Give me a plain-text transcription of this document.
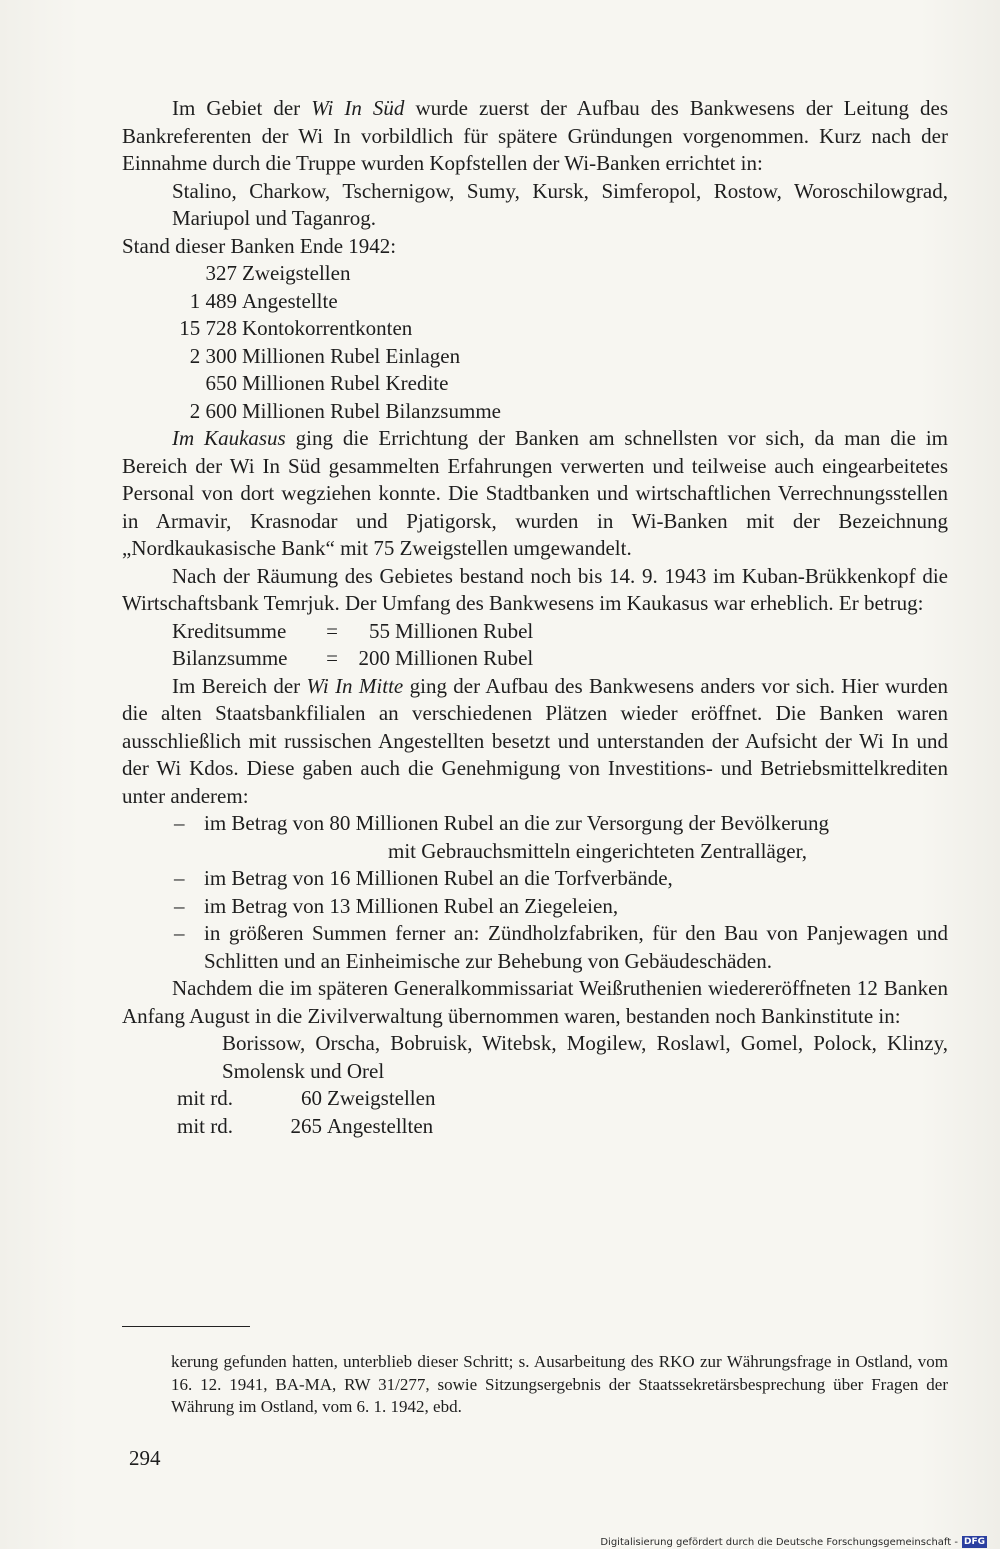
Im Gebiet der Wi In Süd wurde zuerst der Aufbau des Bankwesens der Leitung des Bankreferenten der Wi In vorbildlich für spätere Gründungen vorgenommen. Kurz nach der Einnahme durch die Truppe wurden Kopfstellen der Wi-Banken errichtet in:

Stalino, Charkow, Tschernigow, Sumy, Kursk, Simferopol, Rostow, Woroschilowgrad, Mariupol und Taganrog.

Stand dieser Banken Ende 1942:

327 Zweigstellen
1 489 Angestellte
15 728 Kontokorrentkonten
2 300 Millionen Rubel Einlagen
650 Millionen Rubel Kredite
2 600 Millionen Rubel Bilanzsumme

Im Kaukasus ging die Errichtung der Banken am schnellsten vor sich, da man die im Bereich der Wi In Süd gesammelten Erfahrungen verwerten und teilweise auch eingearbeitetes Personal von dort wegziehen konnte. Die Stadtbanken und wirtschaftlichen Verrechnungsstellen in Armavir, Krasnodar und Pjatigorsk, wurden in Wi-Banken mit der Bezeichnung „Nordkaukasische Bank“ mit 75 Zweigstellen umgewandelt.

Nach der Räumung des Gebietes bestand noch bis 14. 9. 1943 im Kuban-Brükkenkopf die Wirtschaftsbank Temrjuk. Der Umfang des Bankwesens im Kaukasus war erheblich. Er betrug:

Kreditsumme	=	55 Millionen Rubel
Bilanzsumme	= 200 Millionen Rubel

Im Bereich der Wi In Mitte ging der Aufbau des Bankwesens anders vor sich. Hier wurden die alten Staatsbankfilialen an verschiedenen Plätzen wieder eröffnet. Die Banken waren ausschließlich mit russischen Angestellten besetzt und unterstanden der Aufsicht der Wi In und der Wi Kdos. Diese gaben auch die Genehmigung von Investitions- und Betriebsmittelkrediten unter anderem:

– im Betrag von 80 Millionen Rubel an die zur Versorgung der Bevölkerung
mit Gebrauchsmitteln eingerichteten Zentralläger,
– im Betrag von 16 Millionen Rubel an die Torfverbände,
– im Betrag von 13 Millionen Rubel an Ziegeleien,
– in größeren Summen ferner an: Zündholzfabriken, für den Bau von Panjewagen und Schlitten und an Einheimische zur Behebung von Gebäudeschäden.

Nachdem die im späteren Generalkommissariat Weißruthenien wiedereröffneten 12 Banken Anfang August in die Zivilverwaltung übernommen waren, bestanden noch Bankinstitute in:

Borissow, Orscha, Bobruisk, Witebsk, Mogilew, Roslawl, Gomel, Polock, Klinzy, Smolensk und Orel

mit rd.	60 Zweigstellen
mit rd.	265 Angestellten

kerung gefunden hatten, unterblieb dieser Schritt; s. Ausarbeitung des RKO zur Währungsfrage in Ostland, vom 16. 12. 1941, BA-MA, RW 31/277, sowie Sitzungsergebnis der Staatssekretärsbesprechung über Fragen der Währung im Ostland, vom 6. 1. 1942, ebd.

294
Digitalisierung gefördert durch die Deutsche Forschungsgemeinschaft - DFG
